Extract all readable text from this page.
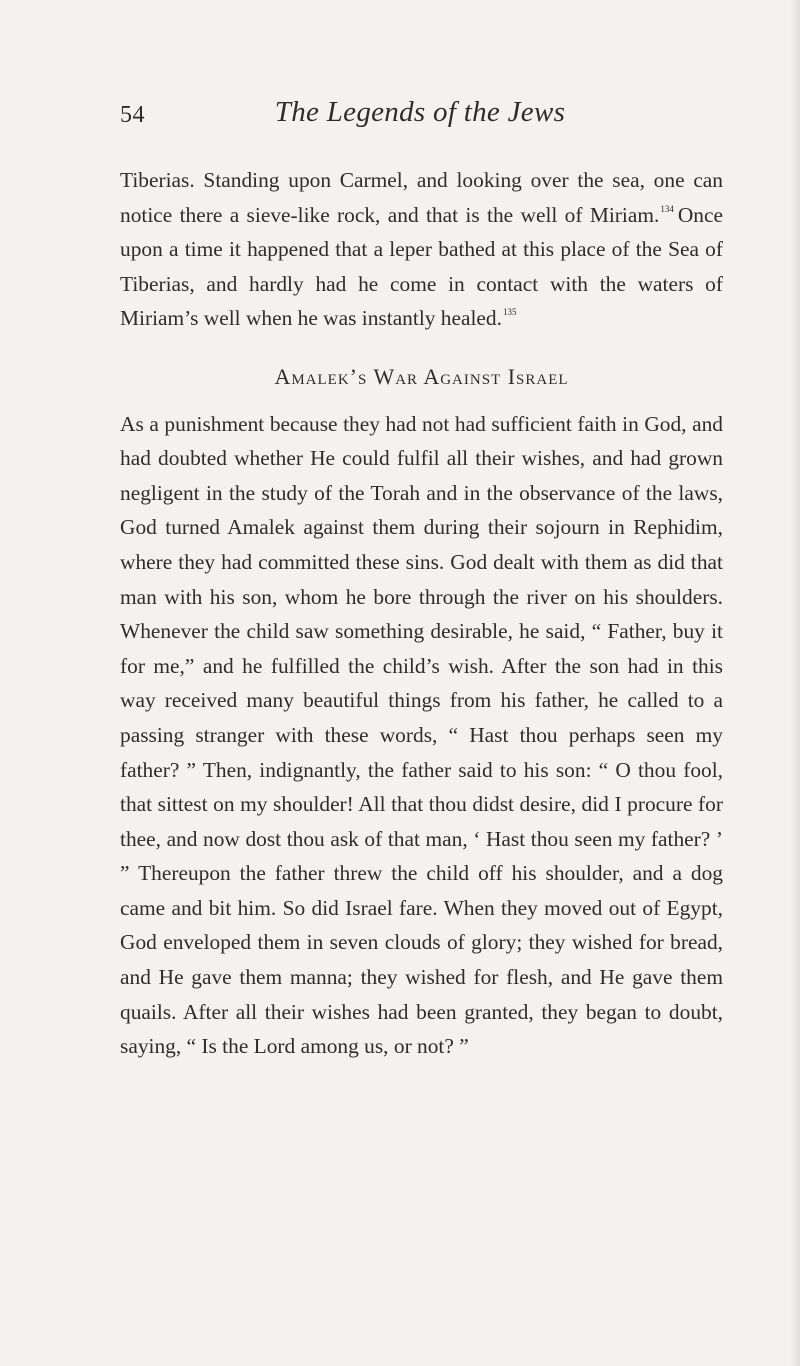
54	The Legends of the Jews

Tiberias. Standing upon Carmel, and looking over the sea, one can notice there a sieve-like rock, and that is the well of Miriam.$^{134}$ Once upon a time it happened that a leper bathed at this place of the Sea of Tiberias, and hardly had he come in contact with the waters of Miriam’s well when he was instantly healed.$^{135}$

Amalek’s War Against Israel

As a punishment because they had not had sufficient faith in God, and had doubted whether He could fulfil all their wishes, and had grown negligent in the study of the Torah and in the observance of the laws, God turned Amalek against them during their sojourn in Rephidim, where they had committed these sins. God dealt with them as did that man with his son, whom he bore through the river on his shoulders. Whenever the child saw something desirable, he said, “ Father, buy it for me,” and he fulfilled the child’s wish. After the son had in this way received many beautiful things from his father, he called to a passing stranger with these words, “ Hast thou perhaps seen my father? ” Then, indignantly, the father said to his son: “ O thou fool, that sittest on my shoulder! All that thou didst desire, did I procure for thee, and now dost thou ask of that man, ‘ Hast thou seen my father? ’ ” Thereupon the father threw the child off his shoulder, and a dog came and bit him. So did Israel fare. When they moved out of Egypt, God enveloped them in seven clouds of glory; they wished for bread, and He gave them manna; they wished for flesh, and He gave them quails. After all their wishes had been granted, they began to doubt, saying, “ Is the Lord among us, or not? ”
